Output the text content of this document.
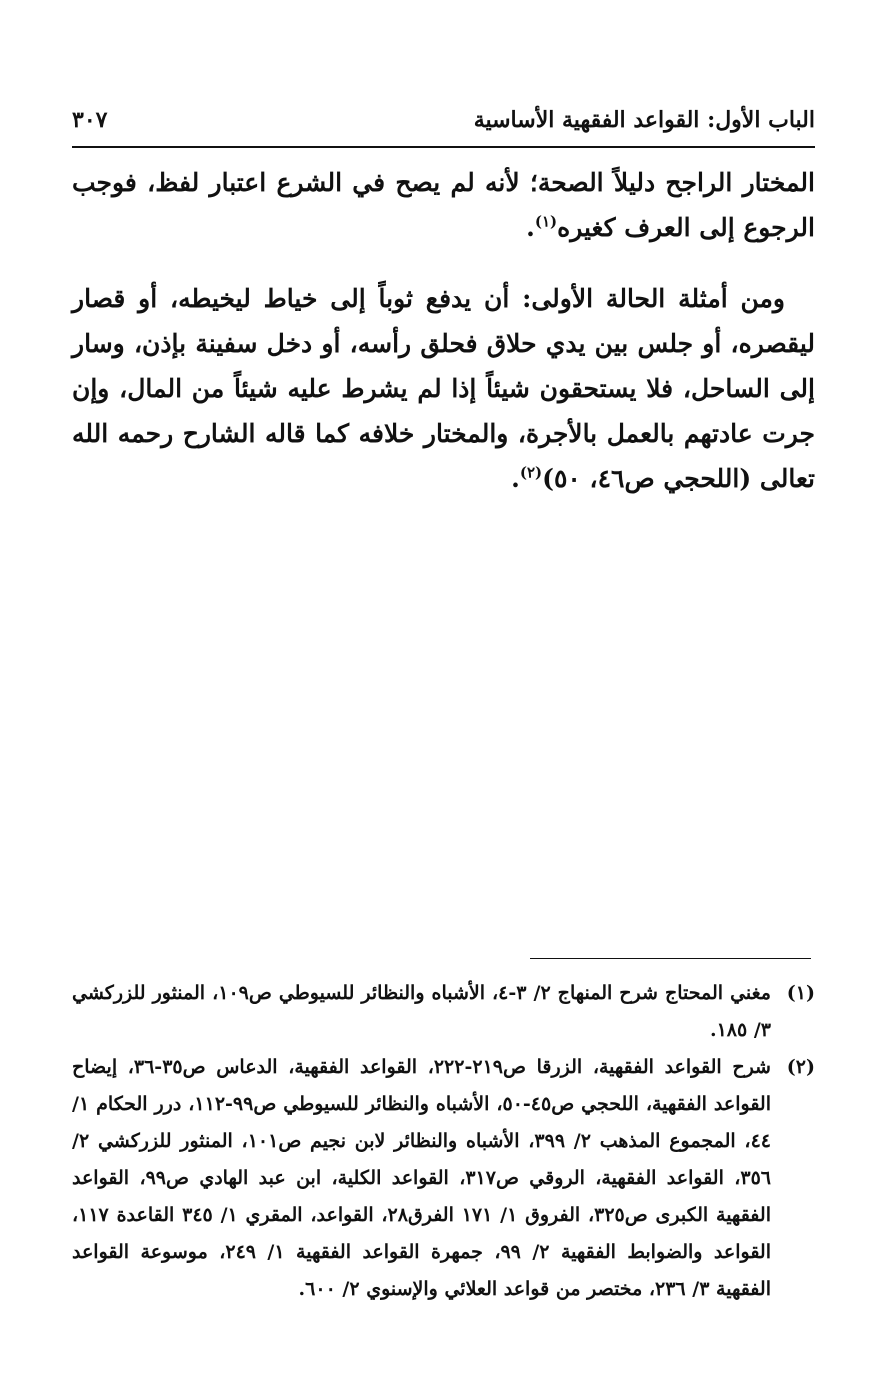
الباب الأول: القواعد الفقهية الأساسية
٣٠٧

المختار الراجح دليلاً الصحة؛ لأنه لم يصح في الشرع اعتبار لفظ، فوجب الرجوع إلى العرف كغيره$^{(١)}$.

ومن أمثلة الحالة الأولى: أن يدفع ثوباً إلى خياط ليخيطه، أو قصار ليقصره، أو جلس بين يدي حلاق فحلق رأسه، أو دخل سفينة بإذن، وسار إلى الساحل، فلا يستحقون شيئاً إذا لم يشرط عليه شيئاً من المال، وإن جرت عادتهم بالعمل بالأجرة، والمختار خلافه كما قاله الشارح رحمه الله تعالى (اللحجي ص٤٦، ٥٠)$^{(٢)}$.

(١)
مغني المحتاج شرح المنهاج ٢/ ٣-٤، الأشباه والنظائر للسيوطي ص١٠٩، المنثور للزركشي ٣/ ١٨٥.
(٢)
شرح القواعد الفقهية، الزرقا ص٢١٩-٢٢٢، القواعد الفقهية، الدعاس ص٣٥-٣٦، إيضاح القواعد الفقهية، اللحجي ص٤٥-٥٠، الأشباه والنظائر للسيوطي ص٩٩-١١٢، درر الحكام ١/ ٤٤، المجموع المذهب ٢/ ٣٩٩، الأشباه والنظائر لابن نجيم ص١٠١، المنثور للزركشي ٢/ ٣٥٦، القواعد الفقهية، الروقي ص٣١٧، القواعد الكلية، ابن عبد الهادي ص٩٩، القواعد الفقهية الكبرى ص٣٢٥، الفروق ١/ ١٧١ الفرق٢٨، القواعد، المقري ١/ ٣٤٥ القاعدة ١١٧، القواعد والضوابط الفقهية ٢/ ٩٩، جمهرة القواعد الفقهية ١/ ٢٤٩، موسوعة القواعد الفقهية ٣/ ٢٣٦، مختصر من قواعد العلائي والإسنوي ٢/ ٦٠٠.
